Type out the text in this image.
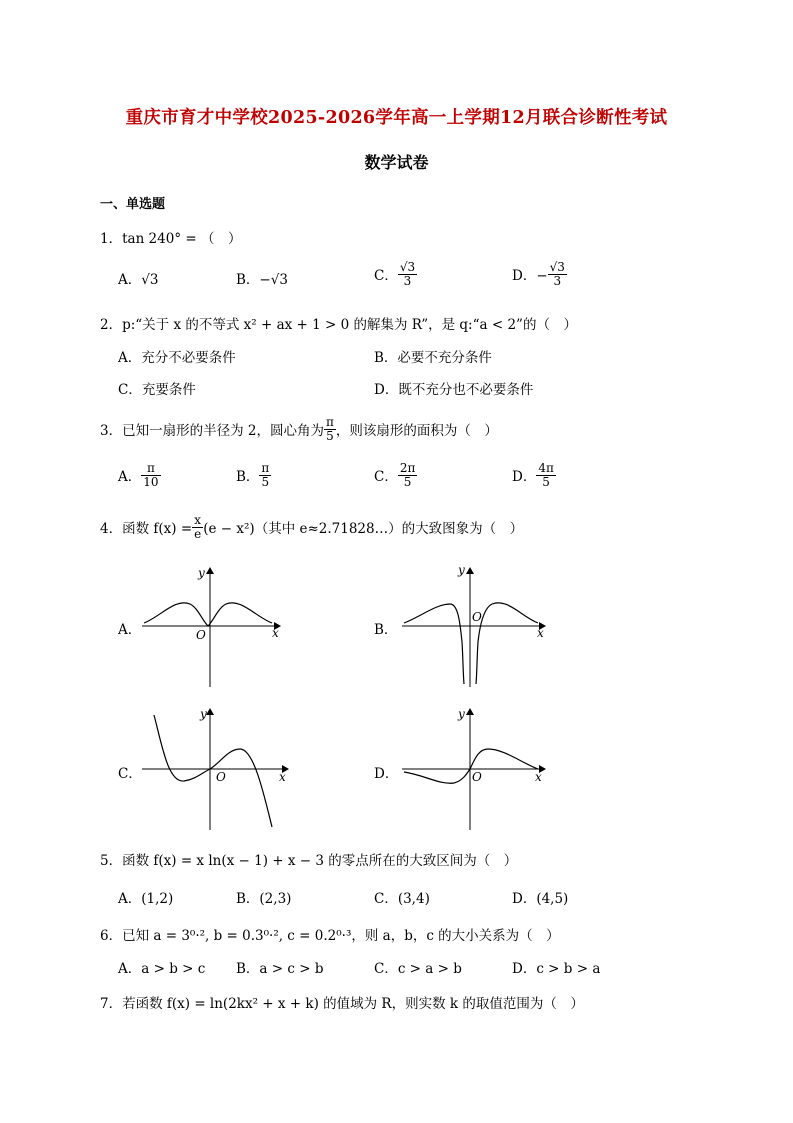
重庆市育才中学校2025-2026学年高一上学期12月联合诊断性考试
数学试卷
一、单选题
1．tan 240° = （　）
A．√3	B．−√3	C． $\frac{√3}{3}$	D．− $\frac{√3}{3}$
2．p:“关于 x 的不等式 x² + ax + 1 > 0 的解集为 R”，是 q:“a < 2”的（　）
A．充分不必要条件	B．必要不充分条件
C．充要条件	D．既不充分也不必要条件
3．已知一扇形的半径为 2，圆心角为 $\frac{\pi}{5}$ ，则该扇形的面积为（　）
A． $\frac{\pi}{10}$	B． $\frac{\pi}{5}$	C． $\frac{2\pi}{5}$	D． $\frac{4\pi}{5}$
4．函数 $f(x) = \frac{x}{e} (e - x^2)$（其中 e≈2.71828…）的大致图象为（　）
A．	B．
C．	D．
O	x
y
O
x
y
O	x
y
O	x
y
5．函数 f(x) = x ln(x − 1) + x − 3 的零点所在的大致区间为（　）
A．(1,2)	B．(2,3)	C．(3,4)	D．(4,5)
6．已知 a = 3⁰·², b = 0.3⁰·², c = 0.2⁰·³，则 a，b，c 的大小关系为（　）
A．a > b > c B．a > c > b	C．c > a > b	D．c > b > a
7．若函数 f(x) = ln(2kx² + x + k) 的值域为 R，则实数 k 的取值范围为（　）
